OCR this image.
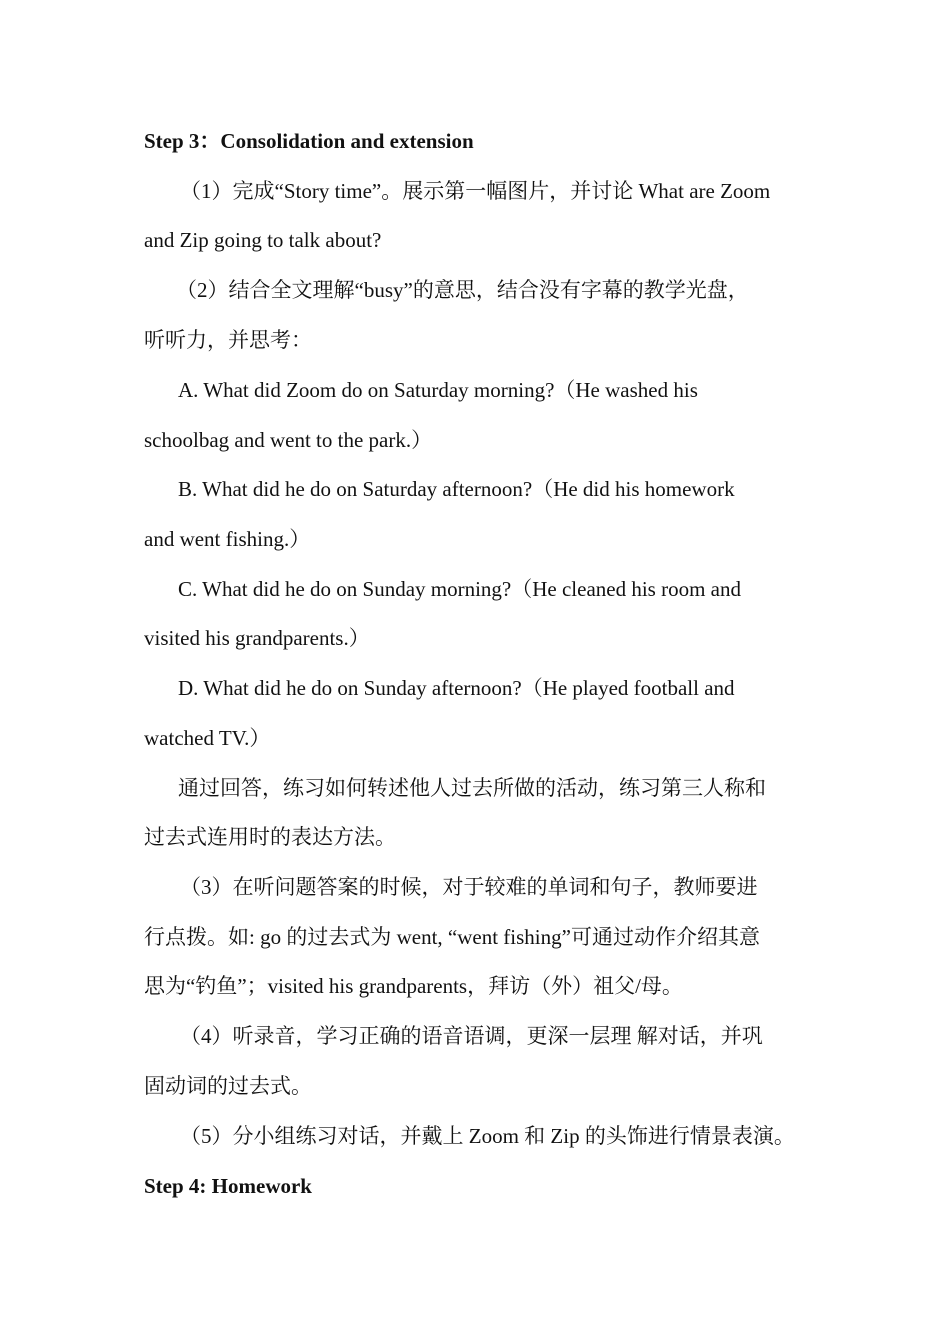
Step 3：Consolidation and extension
（1）完成“Story time”。展示第一幅图片，并讨论 What are Zoom
and Zip going to talk about?
（2）结合全文理解“busy”的意思，结合没有字幕的教学光盘，
听听力，并思考：
A. What did Zoom do on Saturday morning?（He washed his
schoolbag and went to the park.）
B. What did he do on Saturday afternoon?（He did his homework
and went fishing.）
C. What did he do on Sunday morning?（He cleaned his room and
visited his grandparents.）
D. What did he do on Sunday afternoon?（He played football and
watched TV.）
通过回答，练习如何转述他人过去所做的活动，练习第三人称和
过去式连用时的表达方法。
（3）在听问题答案的时候，对于较难的单词和句子，教师要进
行点拨。如: go 的过去式为 went, “went fishing”可通过动作介绍其意
思为“钓鱼”；visited his grandparents，拜访（外）祖父/母。
（4）听录音，学习正确的语音语调，更深一层理 解对话，并巩
固动词的过去式。
（5）分小组练习对话，并戴上 Zoom 和 Zip 的头饰进行情景表演。
Step 4: Homework
